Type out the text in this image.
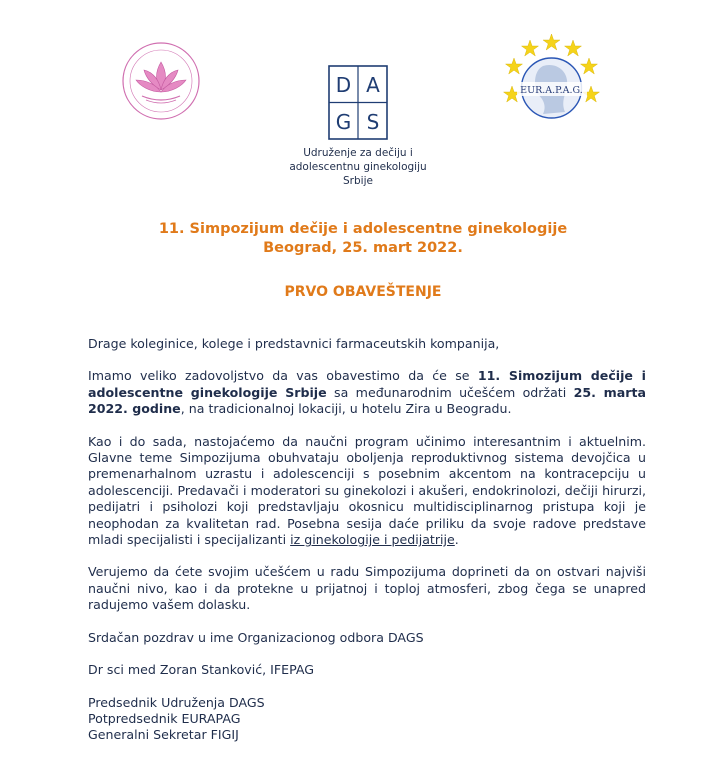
D A
G S
Udruženje za dečiju i
adolescentnu ginekologiju
Srbije
EUR.A.P.A.G.

11. Simpozijum dečije i adolescentne ginekologije

Beograd, 25. mart 2022.

PRVO OBAVEŠTENJE

Drage koleginice, kolege i predstavnici farmaceutskih kompanija,

Imamo veliko zadovoljstvo da vas obavestimo da će se 11. Simozijum dečije i adolescentne ginekologije Srbije sa međunarodnim učešćem održati 25. marta 2022. godine, na tradicionalnoj lokaciji, u hotelu Zira u Beogradu.

Kao i do sada, nastojaćemo da naučni program učinimo interesantnim i aktuelnim. Glavne teme Simpozijuma obuhvataju oboljenja reproduktivnog sistema devojčica u premenarhalnom uzrastu i adolescenciji s posebnim akcentom na kontracepciju u adolescenciji. Predavači i moderatori su ginekolozi i akušeri, endokrinolozi, dečiji hirurzi, pedijatri i psiholozi koji predstavljaju okosnicu multidisciplinarnog pristupa koji je neophodan za kvalitetan rad. Posebna sesija daće priliku da svoje radove predstave mladi specijalisti i specijalizanti iz ginekologije i pedijatrije.

Verujemo da ćete svojim učešćem u radu Simpozijuma doprineti da on ostvari najviši naučni nivo, kao i da protekne u prijatnoj i toploj atmosferi, zbog čega se unapred radujemo vašem dolasku.

Srdačan pozdrav u ime Organizacionog odbora DAGS

Dr sci med Zoran Stanković, IFEPAG

Predsednik Udruženja DAGS

Potpredsednik EURAPAG

Generalni Sekretar FIGIJ
